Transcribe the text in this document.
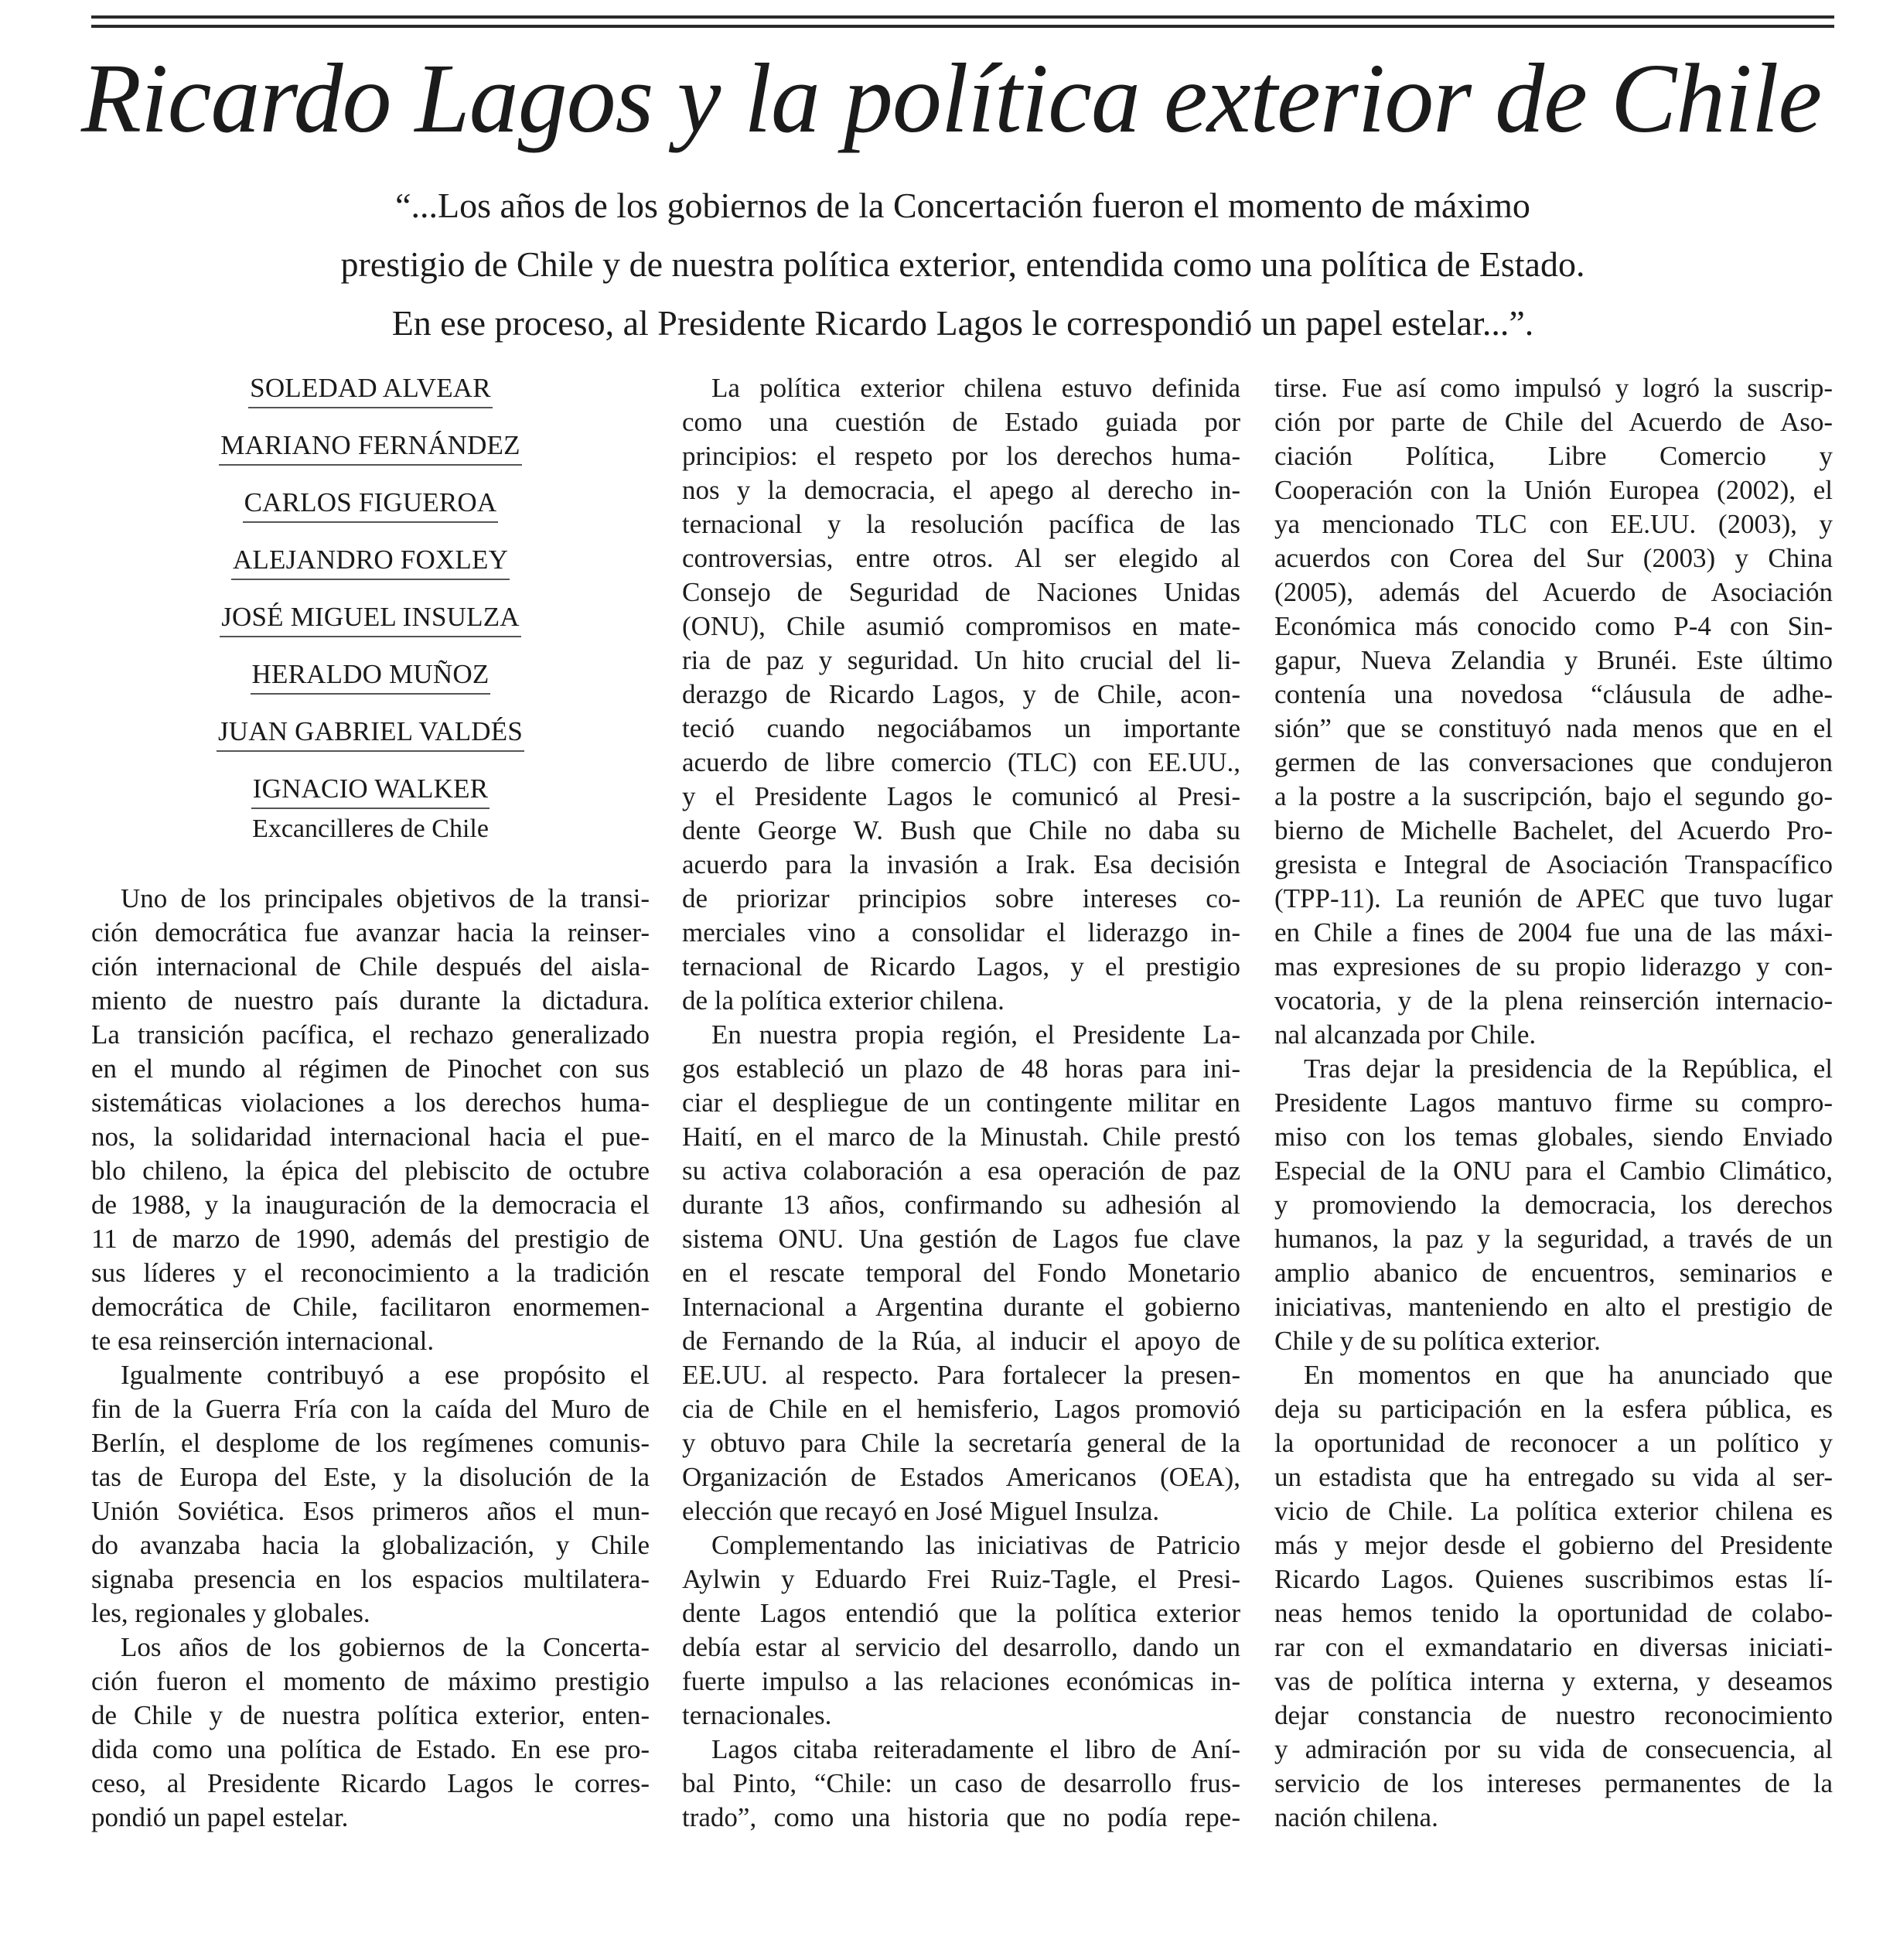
Ricardo Lagos y la política exterior de Chile
“...Los años de los gobiernos de la Concertación fueron el momento de máximo
prestigio de Chile y de nuestra política exterior, entendida como una política de Estado.
En ese proceso, al Presidente Ricardo Lagos le correspondió un papel estelar...”.
SOLEDAD ALVEAR
MARIANO FERNÁNDEZ
CARLOS FIGUEROA
ALEJANDRO FOXLEY
JOSÉ MIGUEL INSULZA
HERALDO MUÑOZ
JUAN GABRIEL VALDÉS
IGNACIO WALKER
Excancilleres de Chile
Uno de los principales objetivos de la transi-
ción democrática fue avanzar hacia la reinser-
ción internacional de Chile después del aisla-
miento de nuestro país durante la dictadura.
La transición pacífica, el rechazo generalizado
en el mundo al régimen de Pinochet con sus
sistemáticas violaciones a los derechos huma-
nos, la solidaridad internacional hacia el pue-
blo chileno, la épica del plebiscito de octubre
de 1988, y la inauguración de la democracia el
11 de marzo de 1990, además del prestigio de
sus líderes y el reconocimiento a la tradición
democrática de Chile, facilitaron enormemen-
te esa reinserción internacional.
Igualmente contribuyó a ese propósito el
fin de la Guerra Fría con la caída del Muro de
Berlín, el desplome de los regímenes comunis-
tas de Europa del Este, y la disolución de la
Unión Soviética. Esos primeros años el mun-
do avanzaba hacia la globalización, y Chile
signaba presencia en los espacios multilatera-
les, regionales y globales.
Los años de los gobiernos de la Concertа-
ción fueron el momento de máximo prestigio
de Chile y de nuestra política exterior, enten-
dida como una política de Estado. En ese pro-
ceso, al Presidente Ricardo Lagos le corres-
pondió un papel estelar.
La política exterior chilena estuvo definida
como una cuestión de Estado guiada por
principios: el respeto por los derechos huma-
nos y la democracia, el apego al derecho in-
ternacional y la resolución pacífica de las
controversias, entre otros. Al ser elegido al
Consejo de Seguridad de Naciones Unidas
(ONU), Chile asumió compromisos en mate-
ria de paz y seguridad. Un hito crucial del li-
derazgo de Ricardo Lagos, y de Chile, acon-
teció cuando negociábamos un importante
acuerdo de libre comercio (TLC) con EE.UU.,
y el Presidente Lagos le comunicó al Presi-
dente George W. Bush que Chile no daba su
acuerdo para la invasión a Irak. Esa decisión
de priorizar principios sobre intereses co-
merciales vino a consolidar el liderazgo in-
ternacional de Ricardo Lagos, y el prestigio
de la política exterior chilena.
En nuestra propia región, el Presidente La-
gos estableció un plazo de 48 horas para ini-
ciar el despliegue de un contingente militar en
Haití, en el marco de la Minustah. Chile prestó
su activa colaboración a esa operación de paz
durante 13 años, confirmando su adhesión al
sistema ONU. Una gestión de Lagos fue clave
en el rescate temporal del Fondo Monetario
Internacional a Argentina durante el gobierno
de Fernando de la Rúa, al inducir el apoyo de
EE.UU. al respecto. Para fortalecer la presen-
cia de Chile en el hemisferio, Lagos promovió
y obtuvo para Chile la secretaría general de la
Organización de Estados Americanos (OEA),
elección que recayó en José Miguel Insulza.
Complementando las iniciativas de Patricio
Aylwin y Eduardo Frei Ruiz-Tagle, el Presi-
dente Lagos entendió que la política exterior
debía estar al servicio del desarrollo, dando un
fuerte impulso a las relaciones económicas in-
ternacionales.
Lagos citaba reiteradamente el libro de Aní-
bal Pinto, “Chile: un caso de desarrollo frus-
trado”, como una historia que no podía repe-
tirse. Fue así como impulsó y logró la suscrip-
ción por parte de Chile del Acuerdo de Aso-
ciación Política, Libre Comercio y
Cooperación con la Unión Europea (2002), el
ya mencionado TLC con EE.UU. (2003), y
acuerdos con Corea del Sur (2003) y China
(2005), además del Acuerdo de Asociación
Económica más conocido como P-4 con Sin-
gapur, Nueva Zelandia y Brunéi. Este último
contenía una novedosa “cláusula de adhe-
sión” que se constituyó nada menos que en el
germen de las conversaciones que condujeron
a la postre a la suscripción, bajo el segundo go-
bierno de Michelle Bachelet, del Acuerdo Pro-
gresista e Integral de Asociación Transpacífico
(TPP-11). La reunión de APEC que tuvo lugar
en Chile a fines de 2004 fue una de las máxi-
mas expresiones de su propio liderazgo y con-
vocatoria, y de la plena reinserción internacio-
nal alcanzada por Chile.
Tras dejar la presidencia de la República, el
Presidente Lagos mantuvo firme su compro-
miso con los temas globales, siendo Enviado
Especial de la ONU para el Cambio Climático,
y promoviendo la democracia, los derechos
humanos, la paz y la seguridad, a través de un
amplio abanico de encuentros, seminarios e
iniciativas, manteniendo en alto el prestigio de
Chile y de su política exterior.
En momentos en que ha anunciado que
deja su participación en la esfera pública, es
la oportunidad de reconocer a un político y
un estadista que ha entregado su vida al ser-
vicio de Chile. La política exterior chilena es
más y mejor desde el gobierno del Presidente
Ricardo Lagos. Quienes suscribimos estas lí-
neas hemos tenido la oportunidad de colabo-
rar con el exmandatario en diversas iniciati-
vas de política interna y externa, y deseamos
dejar constancia de nuestro reconocimiento
y admiración por su vida de consecuencia, al
servicio de los intereses permanentes de la
nación chilena.
